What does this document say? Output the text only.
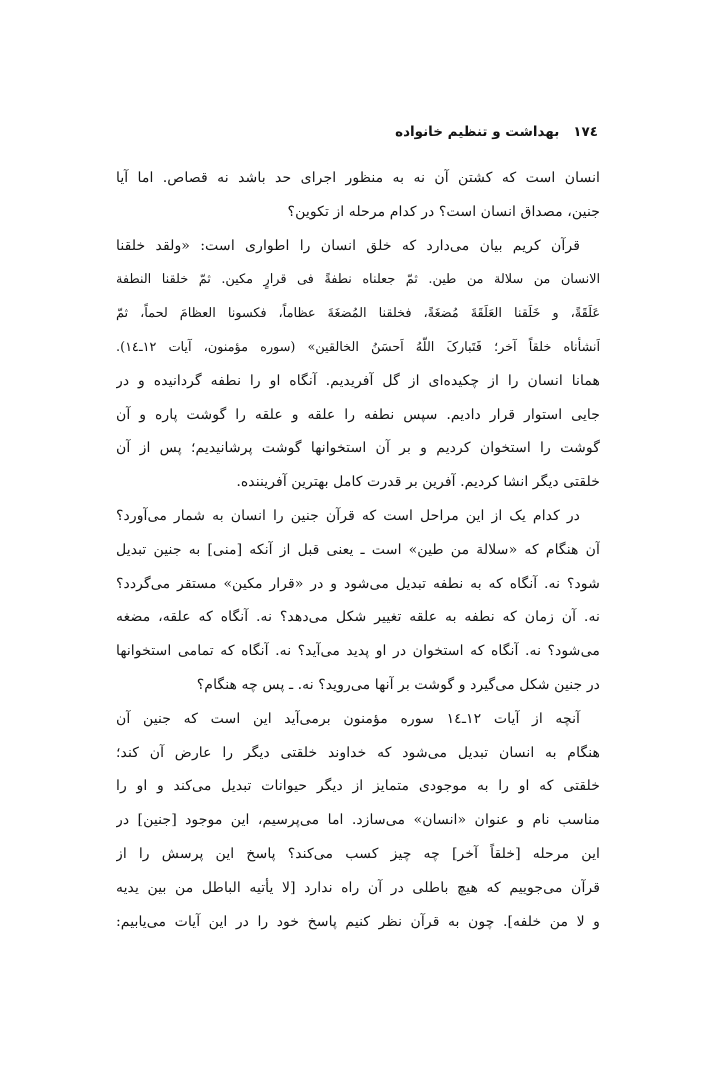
١٧٤بهداشت و تنظیم خانواده
انسان است که کشتن آن نه به منظور اجرای حد باشد نه قصاص. اما آیا
جنین، مصداق انسان است؟ در کدام مرحله از تکوین؟
قرآن کریم بیان می‌دارد که خلق انسان را اطواری است: «ولقد خلقنا
الانسان من سلالة من طین. ثمّ جعلناه نطفةً فی قرارٍ مکین. ثمّ خلقنا النطفة
عَلَقَةً، و خَلَقنا العَلَقَةَ مُضغَةً، فخلقنا المُضغَةَ عظاماً، فکسونا العظامَ لحماً، ثمّ
اَنشأناه خلقاً آخر؛ فَتَبارکَ اللّهُ اَحسَنُ الخالقین» (سوره مؤمنون، آیات ١٢ـ١٤).
همانا انسان را از چکیده‌ای از گل آفریدیم. آنگاه او را نطفه گردانیده و در
جایی استوار قرار دادیم. سپس نطفه را علقه و علقه را گوشت پاره و آن
گوشت را استخوان کردیم و بر آن استخوانها گوشت پرشانیدیم؛ پس از آن
خلقتی دیگر انشا کردیم. آفرین بر قدرت کامل بهترین آفریننده.
در کدام یک از این مراحل است که قرآن جنین را انسان به شمار می‌آورد؟
آن هنگام که «سلالة من طین» است ـ یعنی قبل از آنکه [منی] به جنین تبدیل
شود؟ نه. آنگاه که به نطفه تبدیل می‌شود و در «قرار مکین» مستقر می‌گردد؟
نه. آن زمان که نطفه به علقه تغییر شکل می‌دهد؟ نه. آنگاه که علقه، مضغه
می‌شود؟ نه. آنگاه که استخوان در او پدید می‌آید؟ نه. آنگاه که تمامی استخوانها
در جنین شکل می‌گیرد و گوشت بر آنها می‌روید؟ نه. ـ پس چه هنگام؟
آنچه از آیات ١٢ـ١٤ سوره مؤمنون برمی‌آید این است که جنین آن
هنگام به انسان تبدیل می‌شود که خداوند خلقتی دیگر را عارض آن کند؛
خلقتی که او را به موجودی متمایز از دیگر حیوانات تبدیل می‌کند و او را
مناسب نام و عنوان «انسان» می‌سازد. اما می‌پرسیم، این موجود [جنین] در
این مرحله [خلقاً آخر] چه چیز کسب می‌کند؟ پاسخ این پرسش را از
قرآن می‌جوییم که هیچ باطلی در آن راه ندارد [لا یأتیه الباطل من بین یدیه
و لا من خلفه]. چون به قرآن نظر کنیم پاسخ خود را در این آیات می‌یابیم:
